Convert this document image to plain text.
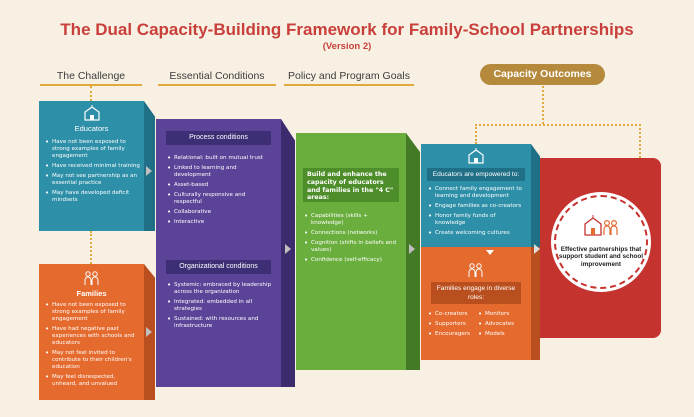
The Dual Capacity-Building Framework for Family-School Partnerships
(Version 2)
The Challenge	Essential Conditions	Policy and Program Goals	Capacity Outcomes
Educators
• Have not been exposed to strong examples of family engagement
• Have received minimal training
• May not see partnership as an essential practice
• May have developed deficit mindsets
Families
• Have not been exposed to strong examples of family engagement
• Have had negative past experiences with schools and educators
• May not feel invited to contribute to their children's education
• May feel disrespected, unheard, and unvalued
Process conditions
• Relational: built on mutual trust
• Linked to learning and development
• Asset-based
• Culturally responsive and respectful
• Collaborative
• Interactive
Organizational conditions
• Systemic: embraced by leadership across the organization
• Integrated: embedded in all strategies
• Sustained: with resources and infrastructure
Build and enhance the capacity of educators and families in the "4 C" areas:
• Capabilities (skills + knowledge)
• Connections (networks)
• Cognition (shifts in beliefs and values)
• Confidence (self-efficacy)
Educators are empowered to:
• Connect family engagement to learning and development
• Engage families as co-creators
• Honor family funds of knowledge
• Create welcoming cultures
Families engage in diverse roles:
• Co-creators
• Supporters
• Encouragers
• Monitors
• Advocates
• Models
Effective partnerships that support student and school improvement
